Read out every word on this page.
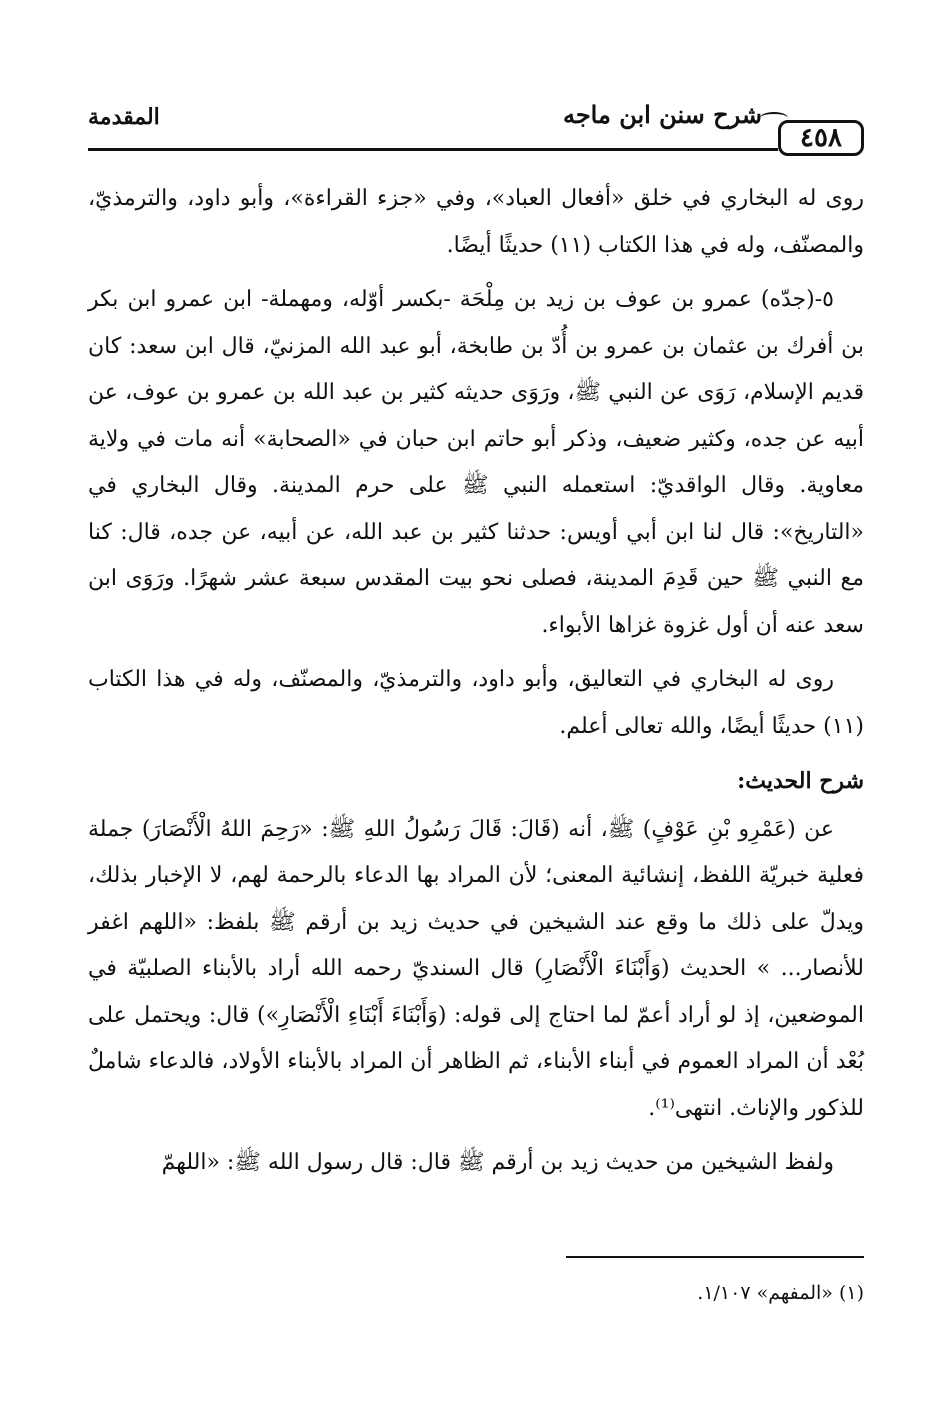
٤٥٨
شرح سنن ابن ماجه
المقدمة

روى له البخاري في خلق «أفعال العباد»، وفي «جزء القراءة»، وأبو داود، والترمذيّ، والمصنّف، وله في هذا الكتاب (١١) حديثًا أيضًا.

٥-(جدّه) عمرو بن عوف بن زيد بن مِلْحَة -بكسر أوّله، ومهملة- ابن عمرو ابن بكر بن أفرك بن عثمان بن عمرو بن أُدّ بن طابخة، أبو عبد الله المزنيّ، قال ابن سعد: كان قديم الإسلام، رَوَى عن النبي ﷺ، ورَوَى حديثه كثير بن عبد الله بن عمرو بن عوف، عن أبيه عن جده، وكثير ضعيف، وذكر أبو حاتم ابن حبان في «الصحابة» أنه مات في ولاية معاوية. وقال الواقديّ: استعمله النبي ﷺ على حرم المدينة. وقال البخاري في «التاريخ»: قال لنا ابن أبي أويس: حدثنا كثير بن عبد الله، عن أبيه، عن جده، قال: كنا مع النبي ﷺ حين قَدِمَ المدينة، فصلى نحو بيت المقدس سبعة عشر شهرًا. ورَوَى ابن سعد عنه أن أول غزوة غزاها الأبواء.

روى له البخاري في التعاليق، وأبو داود، والترمذيّ، والمصنّف، وله في هذا الكتاب (١١) حديثًا أيضًا، والله تعالى أعلم.

شرح الحديث:

عن (عَمْرِو بْنِ عَوْفٍ) ﷺ، أنه (قَالَ: قَالَ رَسُولُ اللهِ ﷺ: «رَحِمَ اللهُ الْأَنْصَارَ) جملة فعلية خبريّة اللفظ، إنشائية المعنى؛ لأن المراد بها الدعاء بالرحمة لهم، لا الإخبار بذلك، ويدلّ على ذلك ما وقع عند الشيخين في حديث زيد بن أرقم ﷺ بلفظ: «اللهم اغفر للأنصار... » الحديث (وَأَبْنَاءَ الْأَنْصَارِ) قال السنديّ رحمه الله أراد بالأبناء الصلبيّة في الموضعين، إذ لو أراد أعمّ لما احتاج إلى قوله: (وَأَبْنَاءَ أَبْنَاءِ الْأَنْصَارِ») قال: ويحتمل على بُعْد أن المراد العموم في أبناء الأبناء، ثم الظاهر أن المراد بالأبناء الأولاد، فالدعاء شاملٌ للذكور والإناث. انتهى⁽¹⁾.

ولفظ الشيخين من حديث زيد بن أرقم ﷺ قال: قال رسول الله ﷺ: «اللهمّ

(١) «المفهم» ١/١٠٧.
